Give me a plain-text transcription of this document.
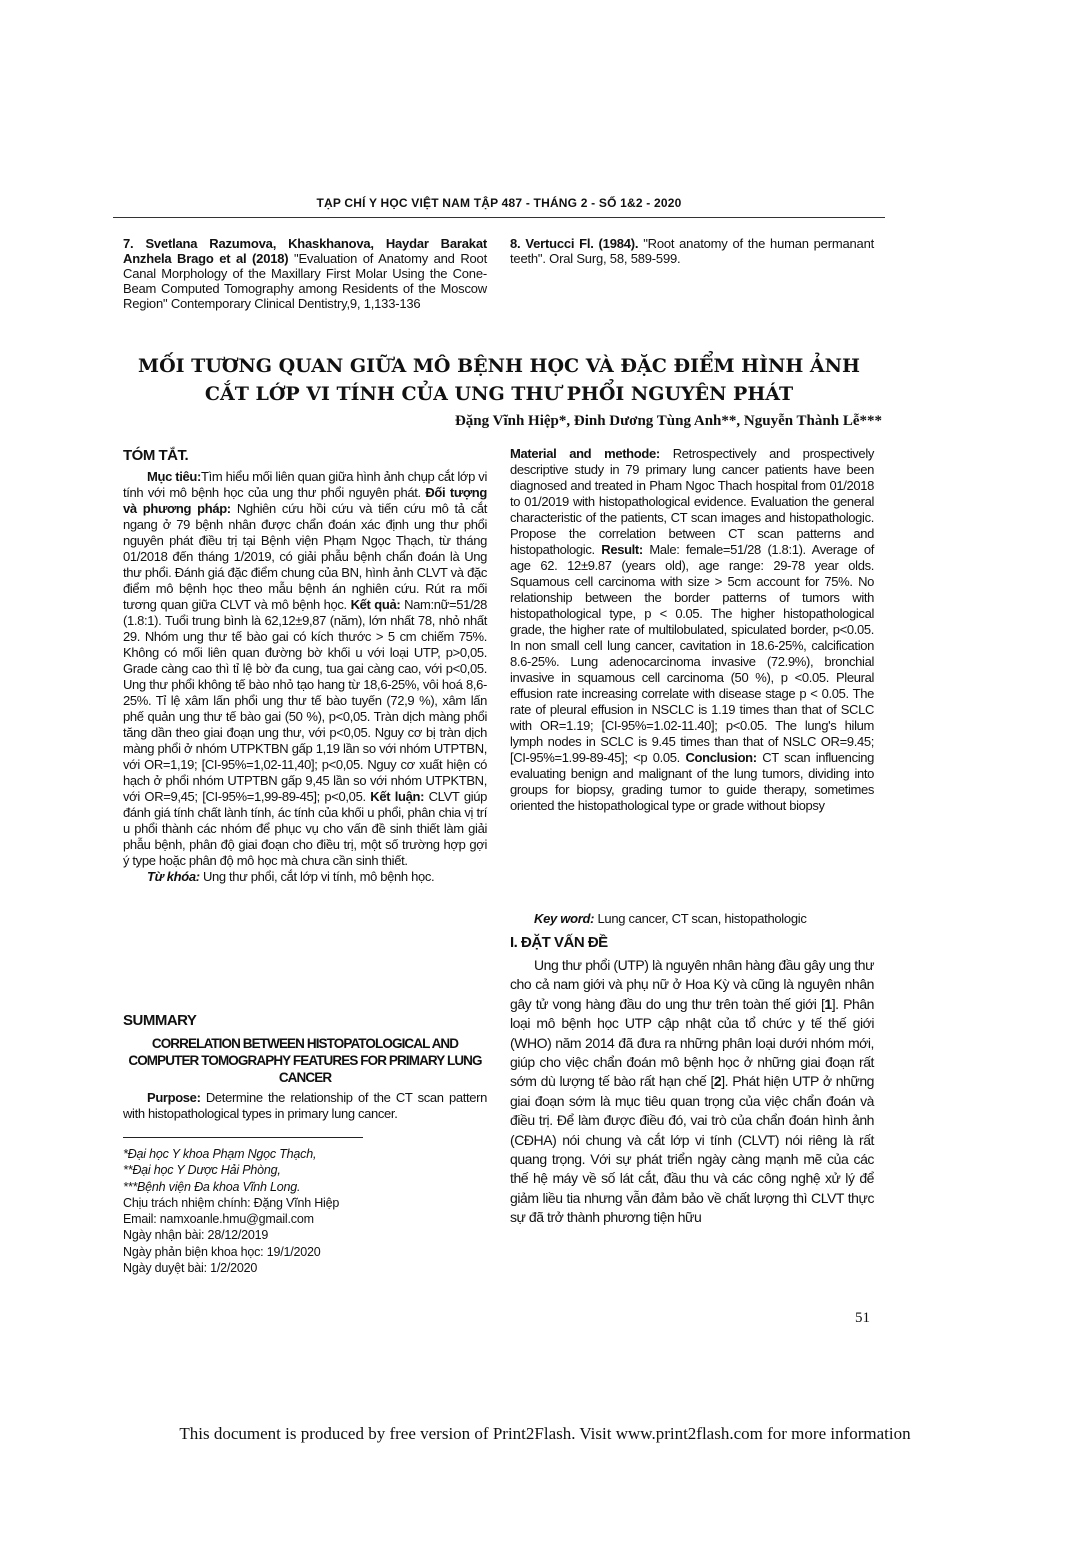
TẠP CHÍ Y HỌC VIỆT NAM TẬP 487 - THÁNG 2 - SỐ 1&2 - 2020
7. Svetlana Razumova, Khaskhanova, Haydar Barakat Anzhela Brago et al (2018) "Evaluation of Anatomy and Root Canal Morphology of the Maxillary First Molar Using the Cone-Beam Computed Tomography among Residents of the Moscow Region" Contemporary Clinical Dentistry,9, 1,133-136
8. Vertucci Fl. (1984). "Root anatomy of the human permanant teeth". Oral Surg, 58, 589-599.
MỐI TƯƠNG QUAN GIỮA MÔ BỆNH HỌC VÀ ĐẶC ĐIỂM HÌNH ẢNH
CẮT LỚP VI TÍNH CỦA UNG THƯ PHỔI NGUYÊN PHÁT
Đặng Vĩnh Hiệp*, Đinh Dương Tùng Anh**, Nguyễn Thành Lễ***
TÓM TẮT.

Mục tiêu:Tìm hiểu mối liên quan giữa hình ảnh chụp cắt lớp vi tính với mô bệnh học của ung thư phổi nguyên phát. Đối tượng và phương pháp: Nghiên cứu hồi cứu và tiến cứu mô tả cắt ngang ở 79 bệnh nhân được chẩn đoán xác định ung thư phổi nguyên phát điều trị tại Bệnh viện Phạm Ngọc Thạch, từ tháng 01/2018 đến tháng 1/2019, có giải phẫu bệnh chẩn đoán là Ung thư phổi. Đánh giá đặc điểm chung của BN, hình ảnh CLVT và đặc điểm mô bệnh học theo mẫu bệnh án nghiên cứu. Rút ra mối tương quan giữa CLVT và mô bệnh học. Kết quả: Nam:nữ=51/28 (1.8:1). Tuổi trung bình là 62,12±9,87 (năm), lớn nhất 78, nhỏ nhất 29. Nhóm ung thư tế bào gai có kích thước > 5 cm chiếm 75%. Không có mối liên quan đường bờ khối u với loại UTP, p>0,05. Grade càng cao thì tỉ lệ bờ đa cung, tua gai càng cao, với p<0,05. Ung thư phổi không tế bào nhỏ tạo hang từ 18,6-25%, vôi hoá 8,6-25%. Tỉ lệ xâm lấn phổi ung thư tế bào tuyến (72,9 %), xâm lấn phế quản ung thư tế bào gai (50 %), p<0,05. Tràn dịch màng phổi tăng dần theo giai đoạn ung thư, với p<0,05. Nguy cơ bị tràn dịch màng phổi ở nhóm UTPKTBN gấp 1,19 lần so với nhóm UTPTBN, với OR=1,19; [CI-95%=1,02-11,40]; p<0,05. Nguy cơ xuất hiện có hạch ở phổi nhóm UTPTBN gấp 9,45 lần so với nhóm UTPKTBN, với OR=9,45; [CI-95%=1,99-89-45]; p<0,05. Kết luận: CLVT giúp đánh giá tính chất lành tính, ác tính của khối u phổi, phân chia vị trí u phổi thành các nhóm để phục vụ cho vấn đề sinh thiết làm giải phẫu bệnh, phân độ giai đoạn cho điều trị, một số trường hợp gợi ý type hoặc phân độ mô học mà chưa cần sinh thiết.

Từ khóa: Ung thư phổi, cắt lớp vi tính, mô bệnh học.

SUMMARY
CORRELATION BETWEEN HISTOPATOLOGICAL AND COMPUTER TOMOGRAPHY FEATURES FOR PRIMARY LUNG CANCER

Purpose: Determine the relationship of the CT scan pattern with histopathological types in primary lung cancer.

*Đại học Y khoa Phạm Ngọc Thạch,
**Đại học Y Dược Hải Phòng,
***Bệnh viện Đa khoa Vĩnh Long.
Chịu trách nhiệm chính: Đặng Vĩnh Hiệp
Email: namxoanle.hmu@gmail.com
Ngày nhận bài: 28/12/2019
Ngày phản biện khoa học: 19/1/2020
Ngày duyệt bài: 1/2/2020
Material and methode: Retrospectively and prospectively descriptive study in 79 primary lung cancer patients have been diagnosed and treated in Pham Ngoc Thach hospital from 01/2018 to 01/2019 with histopathological evidence. Evaluation the general characteristic of the patients, CT scan images and histopathologic. Propose the correlation between CT scan patterns and histopathologic. Result: Male: female=51/28 (1.8:1). Average of age 62. 12±9.87 (years old), age range: 29-78 year olds. Squamous cell carcinoma with size > 5cm account for 75%. No relationship between the border patterns of tumors with histopathological type, p < 0.05. The higher histopathological grade, the higher rate of multilobulated, spiculated border, p<0.05. In non small cell lung cancer, cavitation in 18.6-25%, calcification 8.6-25%. Lung adenocarcinoma invasive (72.9%), bronchial invasive in squamous cell carcinoma (50 %), p <0.05. Pleural effusion rate increasing correlate with disease stage p < 0.05. The rate of pleural effusion in NSCLC is 1.19 times than that of SCLC with OR=1.19; [CI-95%=1.02-11.40]; p<0.05. The lung's hilum lymph nodes in SCLC is 9.45 times than that of NSLC OR=9.45; [CI-95%=1.99-89-45]; <p 0.05. Conclusion: CT scan influencing evaluating benign and malignant of the lung tumors, dividing into groups for biopsy, grading tumor to guide therapy, sometimes oriented the histopathological type or grade without biopsy
Key word: Lung cancer, CT scan, histopathologic
I. ĐẶT VẤN ĐỀ
Ung thư phổi (UTP) là nguyên nhân hàng đầu gây ung thư cho cả nam giới và phụ nữ ở Hoa Kỳ và cũng là nguyên nhân gây tử vong hàng đầu do ung thư trên toàn thế giới [1]. Phân loại mô bệnh học UTP cập nhật của tổ chức y tế thế giới (WHO) năm 2014 đã đưa ra những phân loại dưới nhóm mới, giúp cho việc chẩn đoán mô bệnh học ở những giai đoạn rất sớm dù lượng tế bào rất hạn chế [2]. Phát hiện UTP ở những giai đoạn sớm là mục tiêu quan trọng của việc chẩn đoán và điều trị. Để làm được điều đó, vai trò của chẩn đoán hình ảnh (CĐHA) nói chung và cắt lớp vi tính (CLVT) nói riêng là rất quang trọng. Với sự phát triển ngày càng mạnh mẽ của các thế hệ máy về số lát cắt, đầu thu và các công nghệ xử lý để giảm liều tia nhưng vẫn đảm bảo về chất lượng thì CLVT thực sự đã trở thành phương tiện hữu
51
This document is produced by free version of Print2Flash. Visit www.print2flash.com for more information
